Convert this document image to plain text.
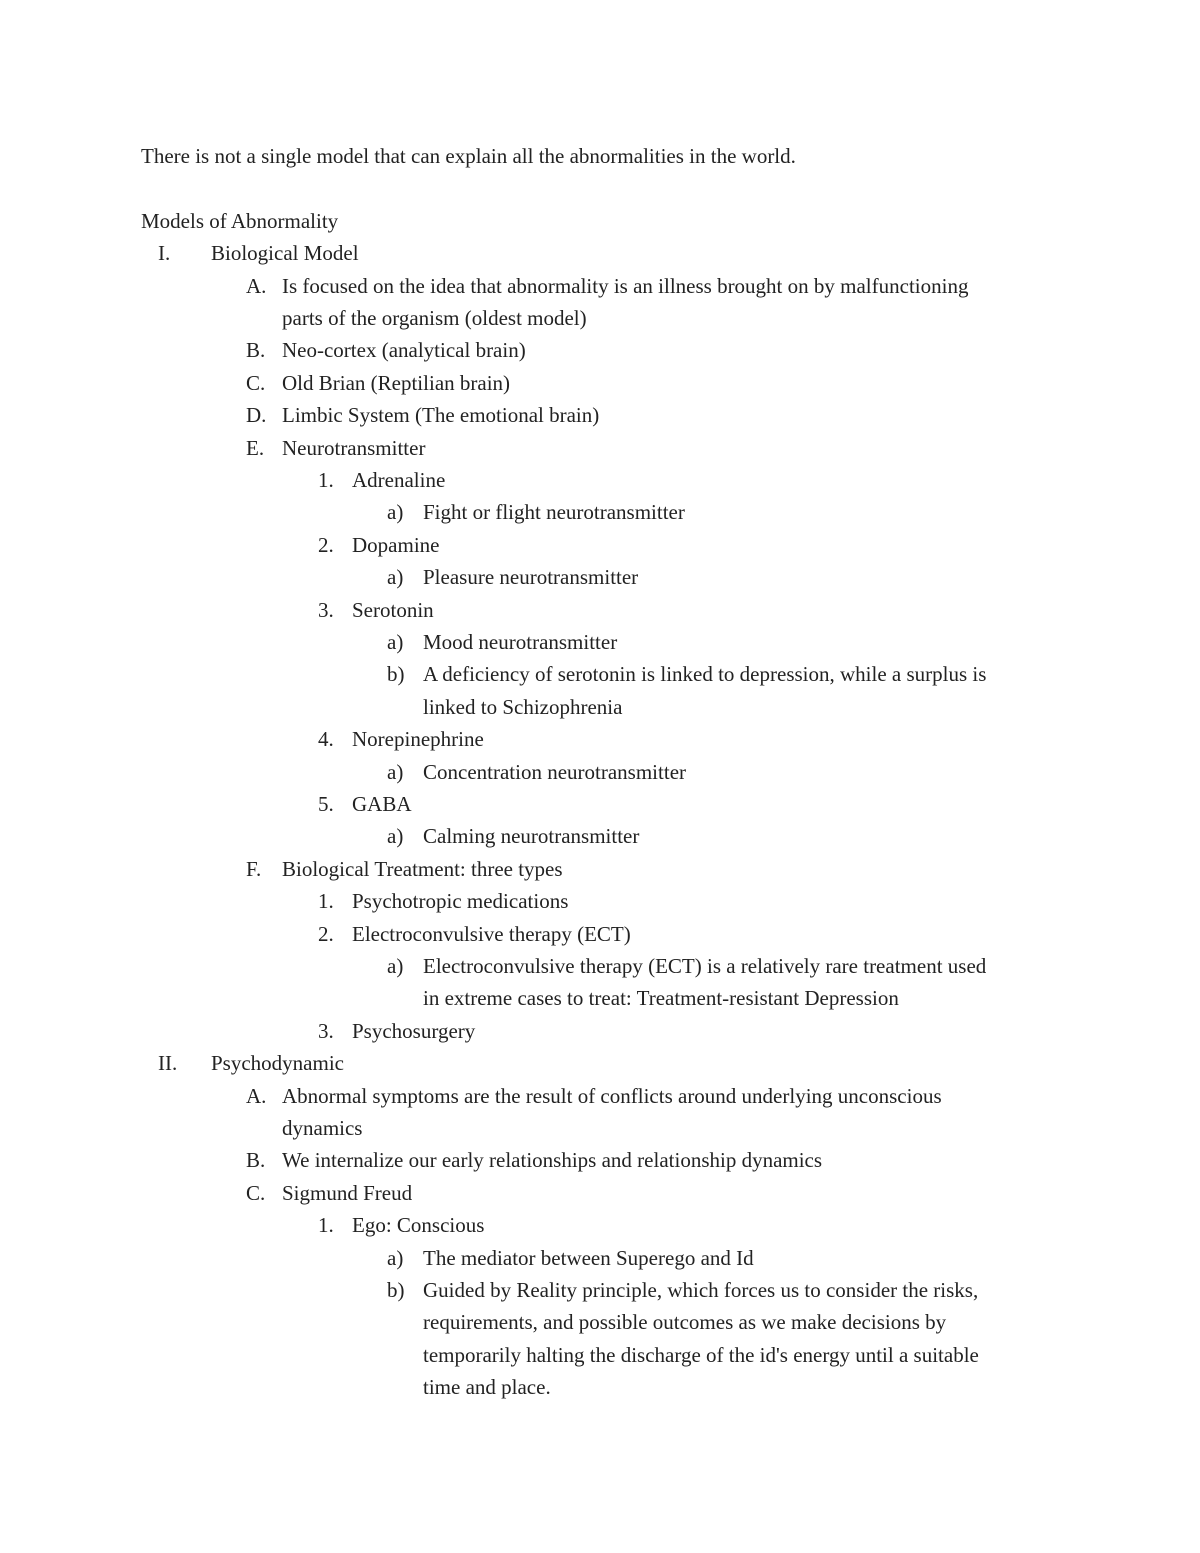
There is not a single model that can explain all the abnormalities in the world.
Models of Abnormality
I. Biological Model
A. Is focused on the idea that abnormality is an illness brought on by malfunctioning
parts of the organism (oldest model)
B. Neo-cortex (analytical brain)
C. Old Brian (Reptilian brain)
D. Limbic System (The emotional brain)
E. Neurotransmitter
1. Adrenaline
a) Fight or flight neurotransmitter
2. Dopamine
a) Pleasure neurotransmitter
3. Serotonin
a) Mood neurotransmitter
b) A deficiency of serotonin is linked to depression, while a surplus is
linked to Schizophrenia
4. Norepinephrine
a) Concentration neurotransmitter
5. GABA
a) Calming neurotransmitter
F. Biological Treatment: three types
1. Psychotropic medications
2. Electroconvulsive therapy (ECT)
a) Electroconvulsive therapy (ECT) is a relatively rare treatment used
in extreme cases to treat: Treatment-resistant Depression
3. Psychosurgery
II. Psychodynamic
A. Abnormal symptoms are the result of conflicts around underlying unconscious
dynamics
B. We internalize our early relationships and relationship dynamics
C. Sigmund Freud
1. Ego: Conscious
a) The mediator between Superego and Id
b) Guided by Reality principle, which forces us to consider the risks,
requirements, and possible outcomes as we make decisions by
temporarily halting the discharge of the id's energy until a suitable
time and place.
